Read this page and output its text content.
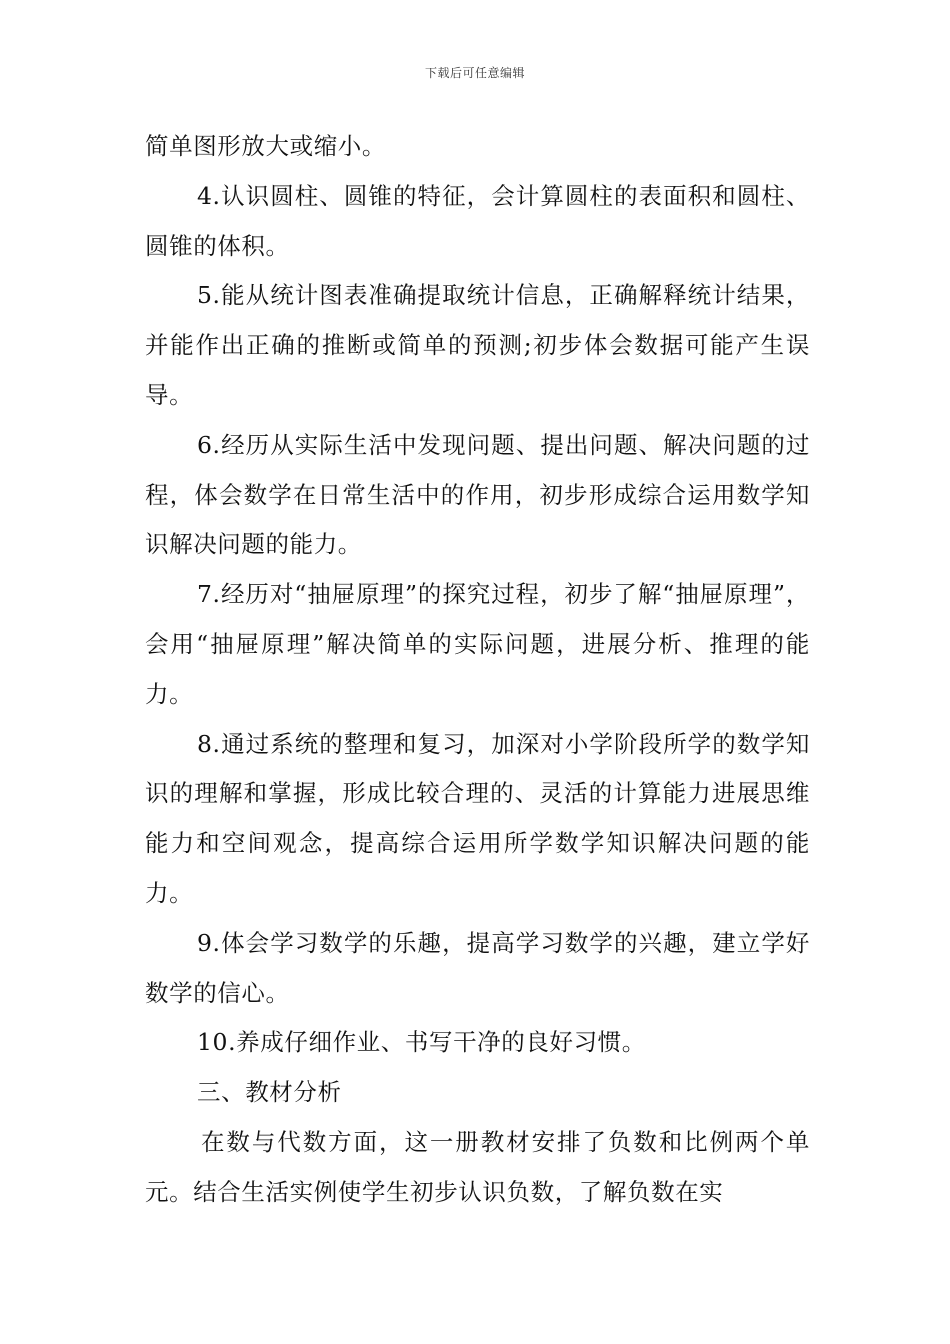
下载后可任意编辑

简单图形放大或缩小。

4.认识圆柱、圆锥的特征，会计算圆柱的表面积和圆柱、圆锥的体积。

5.能从统计图表准确提取统计信息，正确解释统计结果，并能作出正确的推断或简单的预测;初步体会数据可能产生误导。

6.经历从实际生活中发现问题、提出问题、解决问题的过程，体会数学在日常生活中的作用，初步形成综合运用数学知识解决问题的能力。

7.经历对“抽屉原理”的探究过程，初步了解“抽屉原理”，会用“抽屉原理”解决简单的实际问题，进展分析、推理的能力。

8.通过系统的整理和复习，加深对小学阶段所学的数学知识的理解和掌握，形成比较合理的、灵活的计算能力进展思维能力和空间观念，提高综合运用所学数学知识解决问题的能力。

9.体会学习数学的乐趣，提高学习数学的兴趣，建立学好数学的信心。

10.养成仔细作业、书写干净的良好习惯。

三、教材分析

在数与代数方面，这一册教材安排了负数和比例两个单元。结合生活实例使学生初步认识负数，了解负数在实
